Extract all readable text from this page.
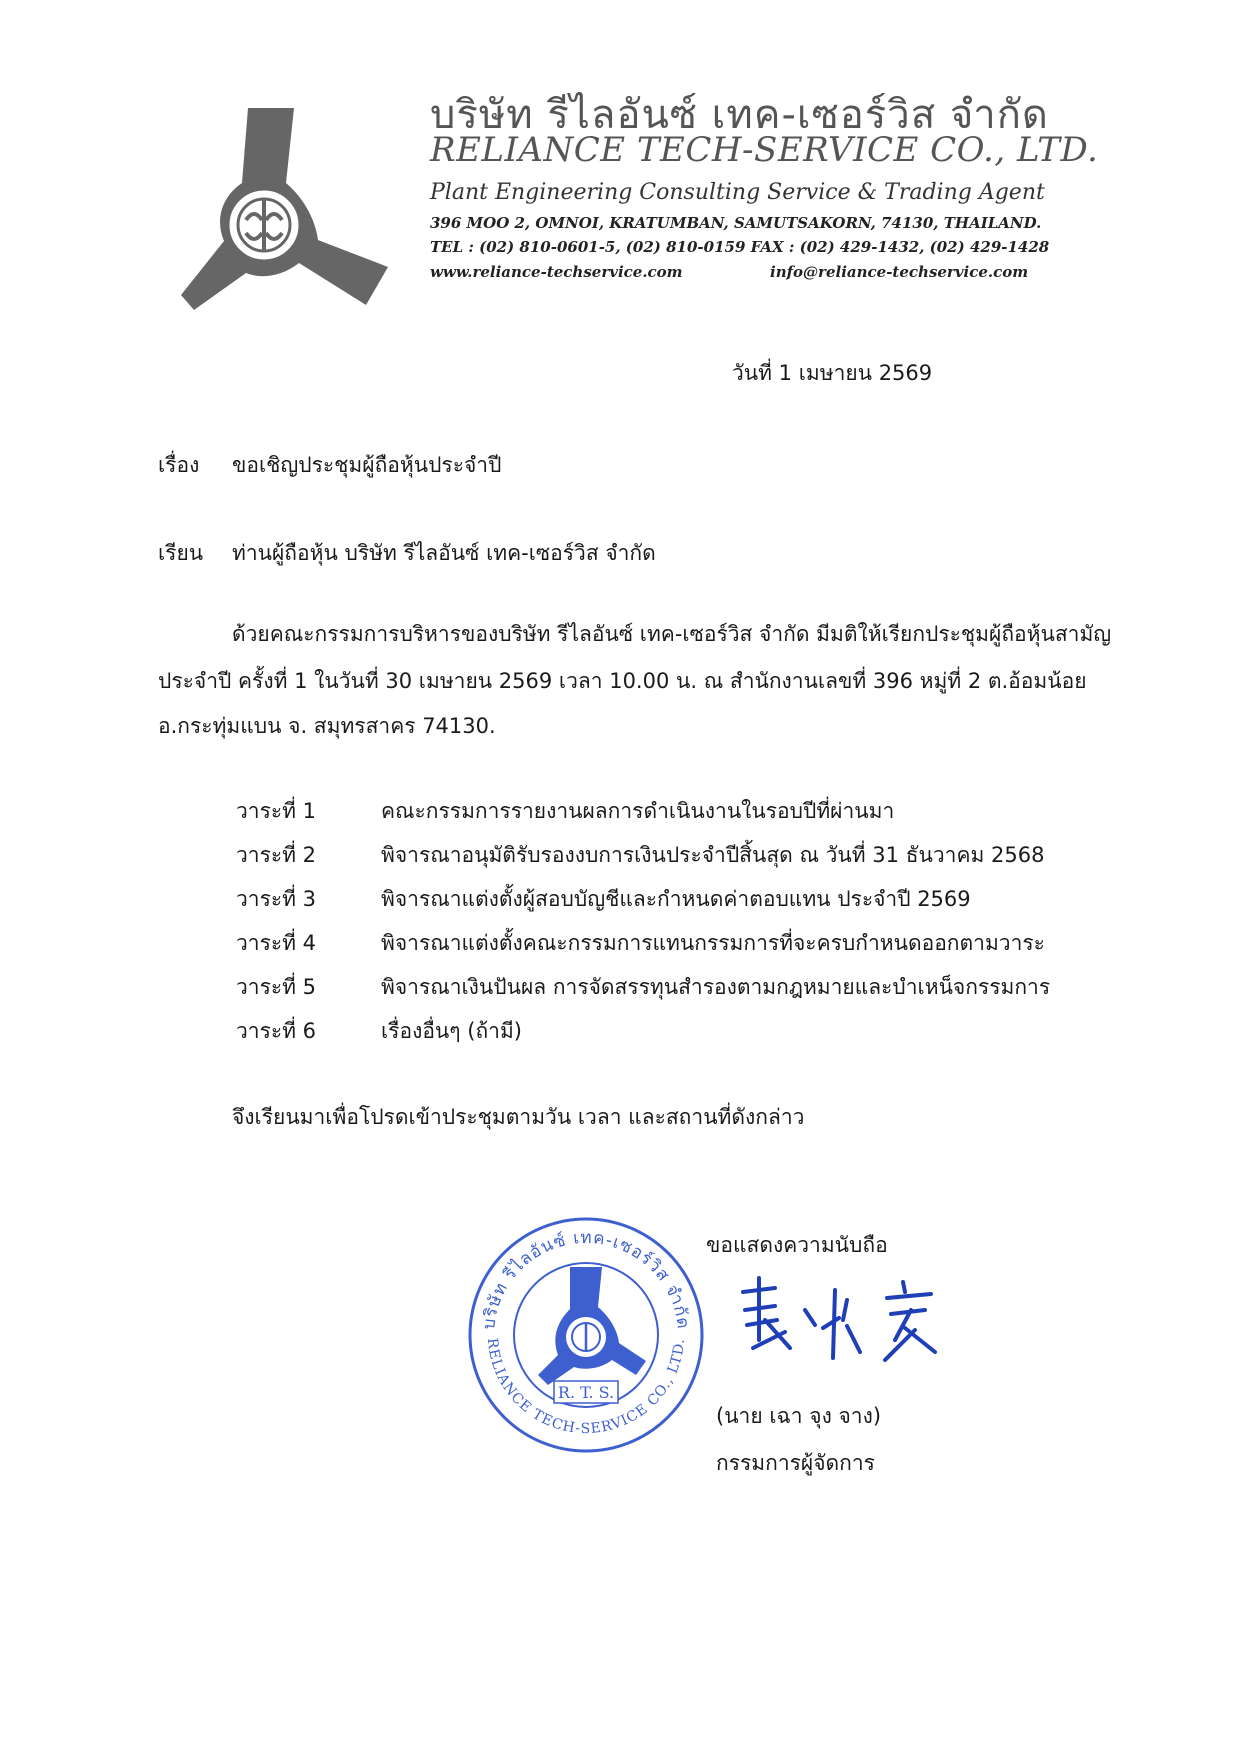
บริษัท รีไลอันซ์ เทค-เซอร์วิส จำกัด
RELIANCE TECH-SERVICE CO., LTD.
Plant Engineering Consulting Service & Trading Agent
396 MOO 2, OMNOI, KRATUMBAN, SAMUTSAKORN, 74130, THAILAND.
TEL : (02) 810-0601-5, (02) 810-0159 FAX : (02) 429-1432, (02) 429-1428
www.reliance-techservice.com	info@reliance-techservice.com
วันที่ 1 เมษายน 2569
เรื่อง ขอเชิญประชุมผู้ถือหุ้นประจำปี
เรียน ท่านผู้ถือหุ้น บริษัท รีไลอันซ์ เทค-เซอร์วิส จำกัด
ด้วยคณะกรรมการบริหารของบริษัท รีไลอันซ์ เทค-เซอร์วิส จำกัด มีมติให้เรียกประชุมผู้ถือหุ้นสามัญ
ประจำปี ครั้งที่ 1 ในวันที่ 30 เมษายน 2569 เวลา 10.00 น. ณ สำนักงานเลขที่ 396 หมู่ที่ 2 ต.อ้อมน้อย
อ.กระทุ่มแบน จ. สมุทรสาคร 74130.
วาระที่ 1	คณะกรรมการรายงานผลการดำเนินงานในรอบปีที่ผ่านมา
วาระที่ 2	พิจารณาอนุมัติรับรองงบการเงินประจำปีสิ้นสุด ณ วันที่ 31 ธันวาคม 2568
วาระที่ 3	พิจารณาแต่งตั้งผู้สอบบัญชีและกำหนดค่าตอบแทน ประจำปี 2569
วาระที่ 4	พิจารณาแต่งตั้งคณะกรรมการแทนกรรมการที่จะครบกำหนดออกตามวาระ
วาระที่ 5	พิจารณาเงินปันผล การจัดสรรทุนสำรองตามกฎหมายและบำเหน็จกรรมการ
วาระที่ 6	เรื่องอื่นๆ (ถ้ามี)
จึงเรียนมาเพื่อโปรดเข้าประชุมตามวัน เวลา และสถานที่ดังกล่าว
บริษัท รีไลอันซ์ เทค-เซอร์วิส จำกัด
RELIANCE TECH-SERVICE CO., LTD.
R. T. S.
ขอแสดงความนับถือ
(นาย เฉา จุง จาง)
กรรมการผู้จัดการ
